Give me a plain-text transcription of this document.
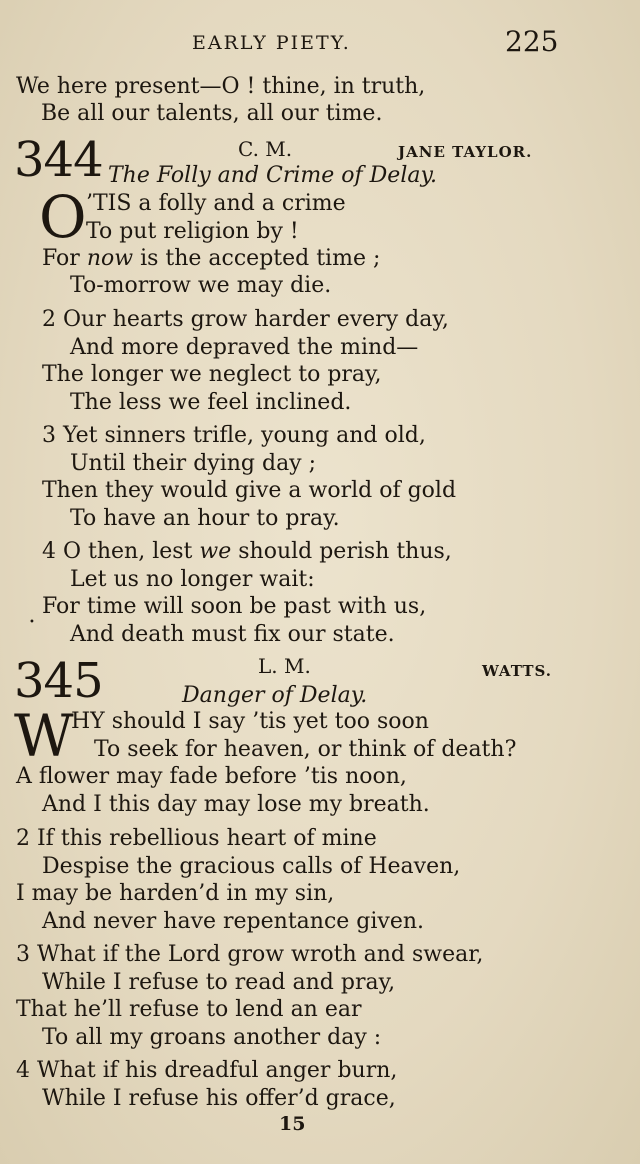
EARLY PIETY.	225
We here present—O ! thine, in truth,
Be all our talents, all our time.
344	C. M.	JANE TAYLOR.
The Folly and Crime of Delay.
O ’TIS a folly and a crime
To put religion by !
For now is the accepted time ;
To-morrow we may die.
2 Our hearts grow harder every day,
And more depraved the mind—
The longer we neglect to pray,
The less we feel inclined.
3 Yet sinners trifle, young and old,
Until their dying day ;
Then they would give a world of gold
To have an hour to pray.
4 O then, lest we should perish thus,
Let us no longer wait:
For time will soon be past with us,
And death must fix our state.
•
345	L. M.	WATTS.
Danger of Delay.
W
HY should I say ’tis yet too soon
To seek for heaven, or think of death?
A flower may fade before ’tis noon,
And I this day may lose my breath.
2 If this rebellious heart of mine
Despise the gracious calls of Heaven,
I may be harden’d in my sin,
And never have repentance given.
3 What if the Lord grow wroth and swear,
While I refuse to read and pray,
That he’ll refuse to lend an ear
To all my groans another day :
4 What if his dreadful anger burn,
While I refuse his offer’d grace,
15
